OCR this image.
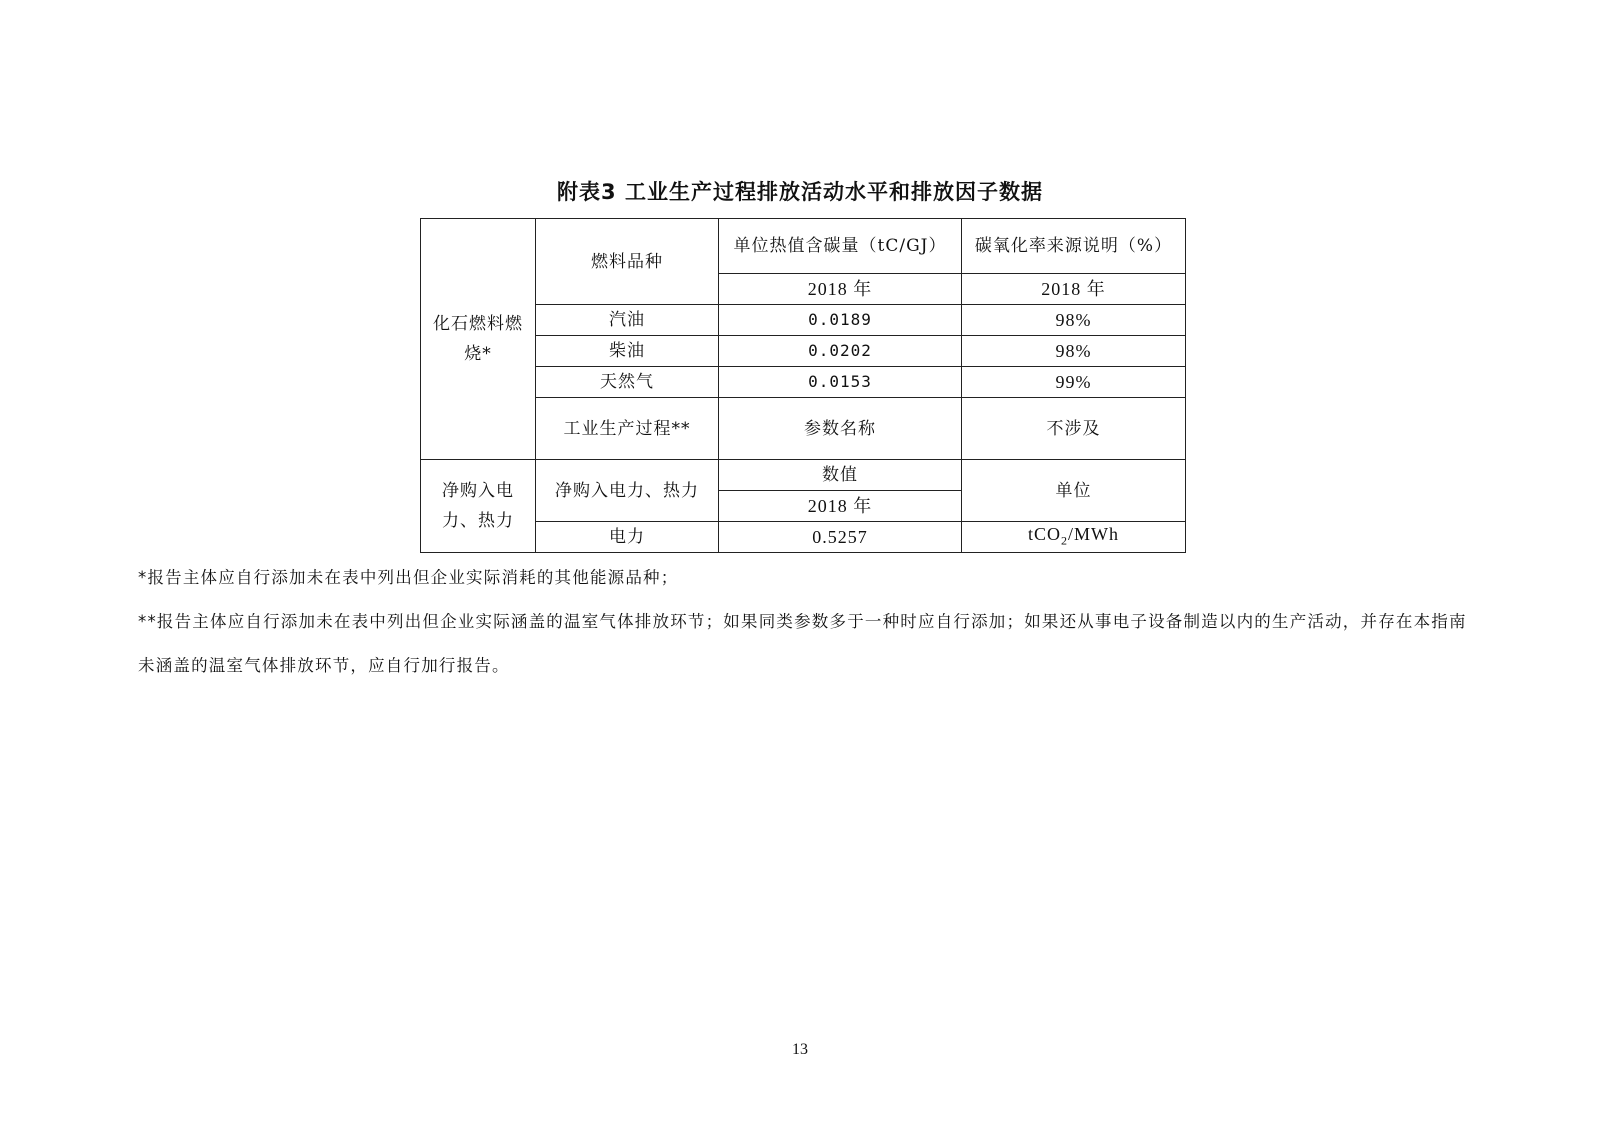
附表3 工业生产过程排放活动水平和排放因子数据
化石燃料燃烧*	燃料品种	单位热值含碳量（tC/GJ）	碳氧化率来源说明（%）
		2018 年	2018 年
	汽油	0.0189	98%
	柴油	0.0202	98%
	天然气	0.0153	99%
	工业生产过程**	参数名称	不涉及
净购入电力、热力	净购入电力、热力	数值	单位
		2018 年	
	电力	0.5257	tCO$_2$/MWh
*报告主体应自行添加未在表中列出但企业实际消耗的其他能源品种；
**报告主体应自行添加未在表中列出但企业实际涵盖的温室气体排放环节；如果同类参数多于一种时应自行添加；如果还从事电子设备制造以内的生产活动，并存在本指南未涵盖的温室气体排放环节，应自行加行报告。
13
